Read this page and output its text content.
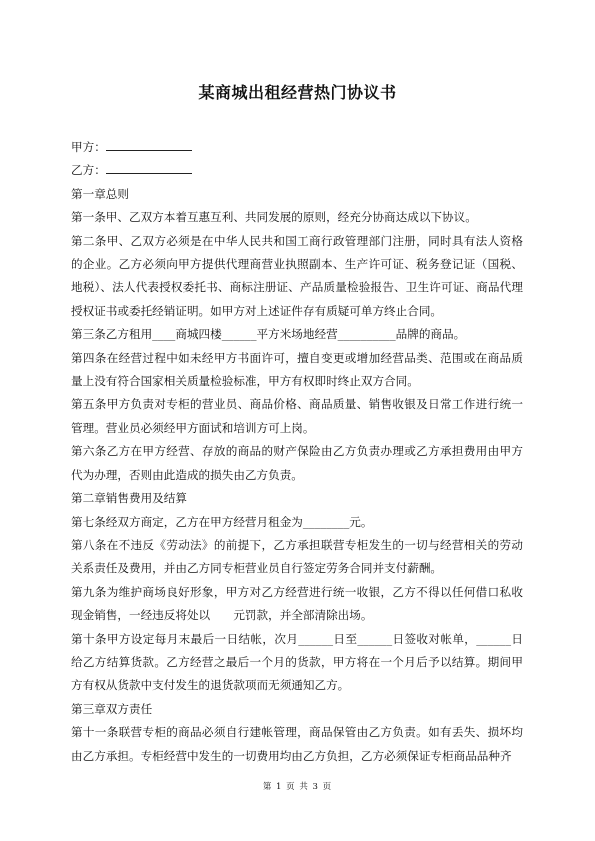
某商城出租经营热门协议书

甲方：

乙方：

第一章总则

第一条甲、乙双方本着互惠互利、共同发展的原则，经充分协商达成以下协议。

第二条甲、乙双方必须是在中华人民共和国工商行政管理部门注册，同时具有法人资格的企业。乙方必须向甲方提供代理商营业执照副本、生产许可证、税务登记证（国税、地税）、法人代表授权委托书、商标注册证、产品质量检验报告、卫生许可证、商品代理授权证书或委托经销证明。如甲方对上述证件存有质疑可单方终止合同。

第三条乙方租用____商城四楼______平方米场地经营__________品牌的商品。

第四条在经营过程中如未经甲方书面许可，擅自变更或增加经营品类、范围或在商品质量上没有符合国家相关质量检验标准，甲方有权即时终止双方合同。

第五条甲方负责对专柜的营业员、商品价格、商品质量、销售收银及日常工作进行统一管理。营业员必须经甲方面试和培训方可上岗。

第六条乙方在甲方经营、存放的商品的财产保险由乙方负责办理或乙方承担费用由甲方代为办理，否则由此造成的损失由乙方负责。

第二章销售费用及结算

第七条经双方商定，乙方在甲方经营月租金为________元。

第八条在不违反《劳动法》的前提下，乙方承担联营专柜发生的一切与经营相关的劳动关系责任及费用，并由乙方同专柜营业员自行签定劳务合同并支付薪酬。

第九条为维护商场良好形象，甲方对乙方经营进行统一收银，乙方不得以任何借口私收现金销售，一经违反将处以　　元罚款，并全部清除出场。

第十条甲方设定每月末最后一日结帐，次月______日至______日签收对帐单，______日给乙方结算货款。乙方经营之最后一个月的货款，甲方将在一个月后予以结算。期间甲方有权从货款中支付发生的退货款项而无须通知乙方。

第三章双方责任

第十一条联营专柜的商品必须自行建帐管理，商品保管由乙方负责。如有丢失、损坏均由乙方承担。专柜经营中发生的一切费用均由乙方负担，乙方必须保证专柜商品品种齐

第 1 页 共 3 页
